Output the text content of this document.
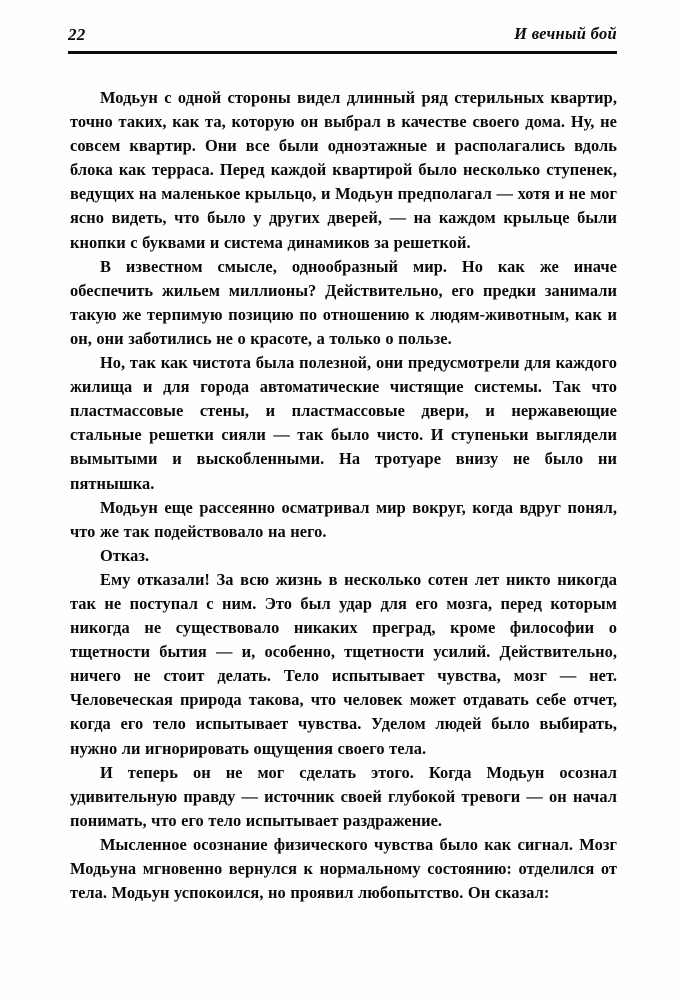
22	И вечный бой

Модьун с одной стороны видел длинный ряд стерильных квартир, точно таких, как та, которую он выбрал в качестве своего дома. Ну, не совсем квартир. Они все были одноэтажные и располагались вдоль блока как терраса. Перед каждой квартирой было несколько ступенек, ведущих на маленькое крыльцо, и Модьун предполагал — хотя и не мог ясно видеть, что было у других дверей, — на каждом крыльце были кнопки с буквами и система динамиков за решеткой.

В известном смысле, однообразный мир. Но как же иначе обеспечить жильем миллионы? Действительно, его предки занимали такую же терпимую позицию по отношению к людям-животным, как и он, они заботились не о красоте, а только о пользе.

Но, так как чистота была полезной, они предусмотрели для каждого жилища и для города автоматические чистящие системы. Так что пластмассовые стены, и пластмассовые двери, и нержавеющие стальные решетки сияли — так было чисто. И ступеньки выглядели вымытыми и выскобленными. На тротуаре внизу не было ни пятнышка.

Модьун еще рассеянно осматривал мир вокруг, когда вдруг понял, что же так подействовало на него.

Отказ.

Ему отказали! За всю жизнь в несколько сотен лет никто никогда так не поступал с ним. Это был удар для его мозга, перед которым никогда не существовало никаких преград, кроме философии о тщетности бытия — и, особенно, тщетности усилий. Действительно, ничего не стоит делать. Тело испытывает чувства, мозг — нет. Человеческая природа такова, что человек может отдавать себе отчет, когда его тело испытывает чувства. Уделом людей было выбирать, нужно ли игнорировать ощущения своего тела.

И теперь он не мог сделать этого. Когда Модьун осознал удивительную правду — источник своей глубокой тревоги — он начал понимать, что его тело испытывает раздражение.

Мысленное осознание физического чувства было как сигнал. Мозг Модьуна мгновенно вернулся к нормальному состоянию: отделился от тела. Модьун успокоился, но проявил любопытство. Он сказал:
